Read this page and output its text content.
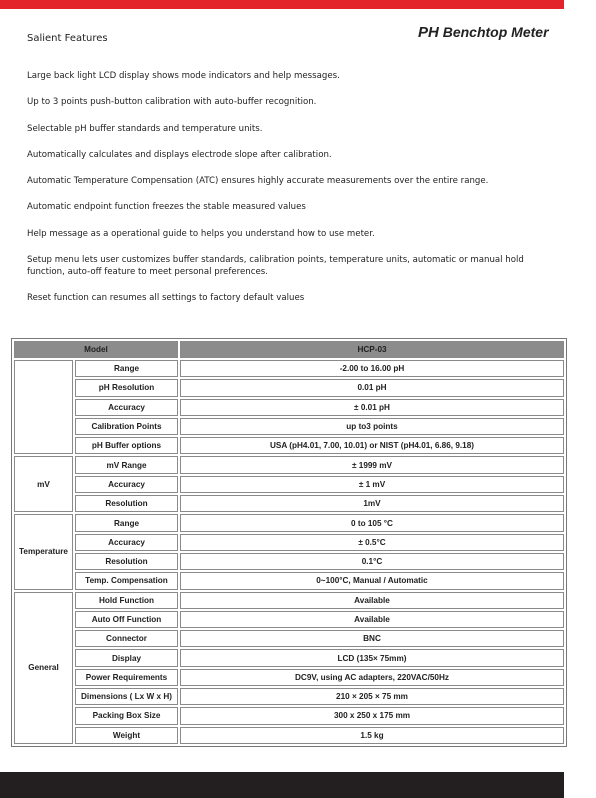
Salient Features	PH Benchtop Meter
Large back light LCD display shows mode indicators and help messages.
Up to 3 points push-button calibration with auto-buffer recognition.
Selectable pH buffer standards and temperature units.
Automatically calculates and displays electrode slope after calibration.
Automatic Temperature Compensation (ATC) ensures highly accurate measurements over the entire range.
Automatic endpoint function freezes the stable measured values
Help message as a operational guide to helps you understand how to use meter.
Setup menu lets user customizes buffer standards, calibration points, temperature units, automatic or manual hold function, auto-off feature to meet personal preferences.
Reset function can resumes all settings to factory default values
Model		HCP-03
	Range	-2.00 to 16.00 pH
	pH Resolution	0.01 pH
	Accuracy	± 0.01 pH
	Calibration Points	up to3 points
	pH Buffer options	USA (pH4.01, 7.00, 10.01) or NIST (pH4.01, 6.86, 9.18)
mV	mV Range	± 1999 mV
	Accuracy	± 1 mV
	Resolution	1mV
Temperature	Range	0 to 105 °C
	Accuracy	± 0.5°C
	Resolution	0.1°C
	Temp. Compensation	0~100°C, Manual / Automatic
General	Hold Function	Available
	Auto Off Function	Available
	Connector	BNC
	Display	LCD (135× 75mm)
	Power Requirements	DC9V, using AC adapters, 220VAC/50Hz
	Dimensions ( Lx W x H)	210 × 205 × 75 mm
	Packing Box Size	300 x 250 x 175 mm
	Weight	1.5 kg
